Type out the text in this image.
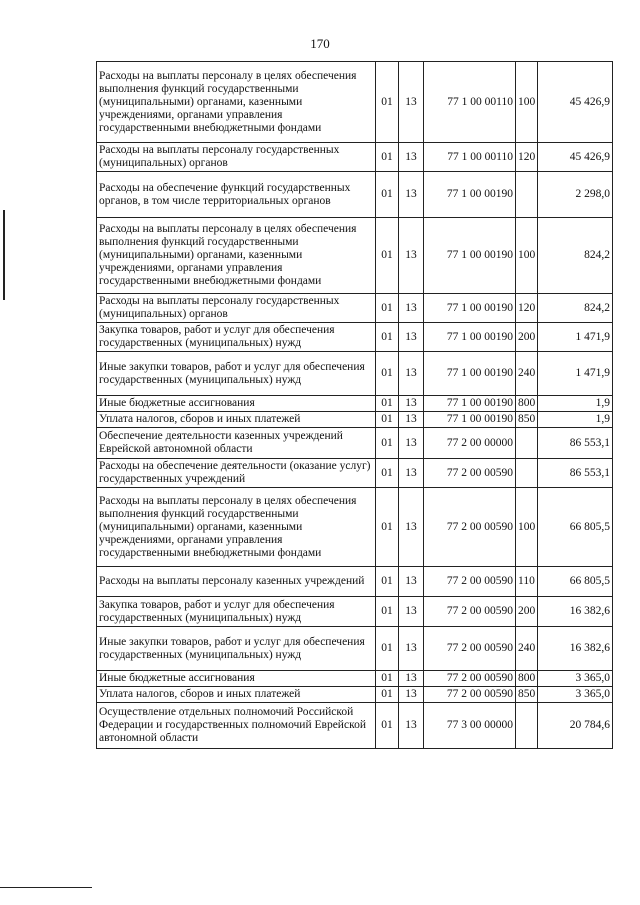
170
Расходы на выплаты персоналу в целях обеспечения выполнения функций государственными (муниципальными) органами, казенными учреждениями, органами управления государственными внебюджетными фондами	01	13	77 1 00 00110	100	45 426,9
Расходы на выплаты персоналу государственных (муниципальных) органов	01	13	77 1 00 00110	120	45 426,9
Расходы на обеспечение функций государственных органов, в том числе территориальных органов	01	13	77 1 00 00190		2 298,0
Расходы на выплаты персоналу в целях обеспечения выполнения функций государственными (муниципальными) органами, казенными учреждениями, органами управления государственными внебюджетными фондами	01	13	77 1 00 00190	100	824,2
Расходы на выплаты персоналу государственных (муниципальных) органов	01	13	77 1 00 00190	120	824,2
Закупка товаров, работ и услуг для обеспечения государственных (муниципальных) нужд	01	13	77 1 00 00190	200	1 471,9
Иные закупки товаров, работ и услуг для обеспечения государственных (муниципальных) нужд	01	13	77 1 00 00190	240	1 471,9
Иные бюджетные ассигнования	01	13	77 1 00 00190	800	1,9
Уплата налогов, сборов и иных платежей	01	13	77 1 00 00190	850	1,9
Обеспечение деятельности казенных учреждений Еврейской автономной области	01	13	77 2 00 00000		86 553,1
Расходы на обеспечение деятельности (оказание услуг) государственных учреждений	01	13	77 2 00 00590		86 553,1
Расходы на выплаты персоналу в целях обеспечения выполнения функций государственными (муниципальными) органами, казенными учреждениями, органами управления государственными внебюджетными фондами	01	13	77 2 00 00590	100	66 805,5
Расходы на выплаты персоналу казенных учреждений	01	13	77 2 00 00590	110	66 805,5
Закупка товаров, работ и услуг для обеспечения государственных (муниципальных) нужд	01	13	77 2 00 00590	200	16 382,6
Иные закупки товаров, работ и услуг для обеспечения государственных (муниципальных) нужд	01	13	77 2 00 00590	240	16 382,6
Иные бюджетные ассигнования	01	13	77 2 00 00590	800	3 365,0
Уплата налогов, сборов и иных платежей	01	13	77 2 00 00590	850	3 365,0
Осуществление отдельных полномочий Российской Федерации и государственных полномочий Еврейской автономной области	01	13	77 3 00 00000		20 784,6
